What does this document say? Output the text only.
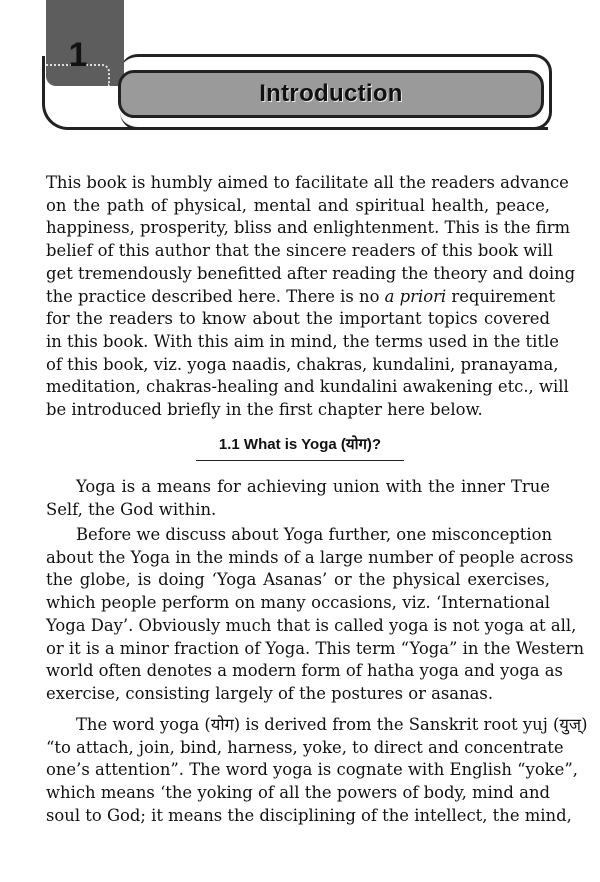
1
Introduction
This book is humbly aimed to facilitate all the readers advance
on the path of physical, mental and spiritual health, peace,
happiness, prosperity, bliss and enlightenment. This is the firm
belief of this author that the sincere readers of this book will
get tremendously benefitted after reading the theory and doing
the practice described here. There is no a priori requirement
for the readers to know about the important topics covered
in this book. With this aim in mind, the terms used in the title
of this book, viz. yoga naadis, chakras, kundalini, pranayama,
meditation, chakras-healing and kundalini awakening etc., will
be introduced briefly in the first chapter here below.
1.1 What is Yoga (योग)?
Yoga is a means for achieving union with the inner True
Self, the God within.
Before we discuss about Yoga further, one misconception
about the Yoga in the minds of a large number of people across
the globe, is doing ‘Yoga Asanas’ or the physical exercises,
which people perform on many occasions, viz. ‘International
Yoga Day’. Obviously much that is called yoga is not yoga at all,
or it is a minor fraction of Yoga. This term “Yoga” in the Western
world often denotes a modern form of hatha yoga and yoga as
exercise, consisting largely of the postures or asanas.
The word yoga (योग) is derived from the Sanskrit root yuj (युज्)
“to attach, join, bind, harness, yoke, to direct and concentrate
one’s attention”. The word yoga is cognate with English “yoke”,
which means ‘the yoking of all the powers of body, mind and
soul to God; it means the disciplining of the intellect, the mind,
